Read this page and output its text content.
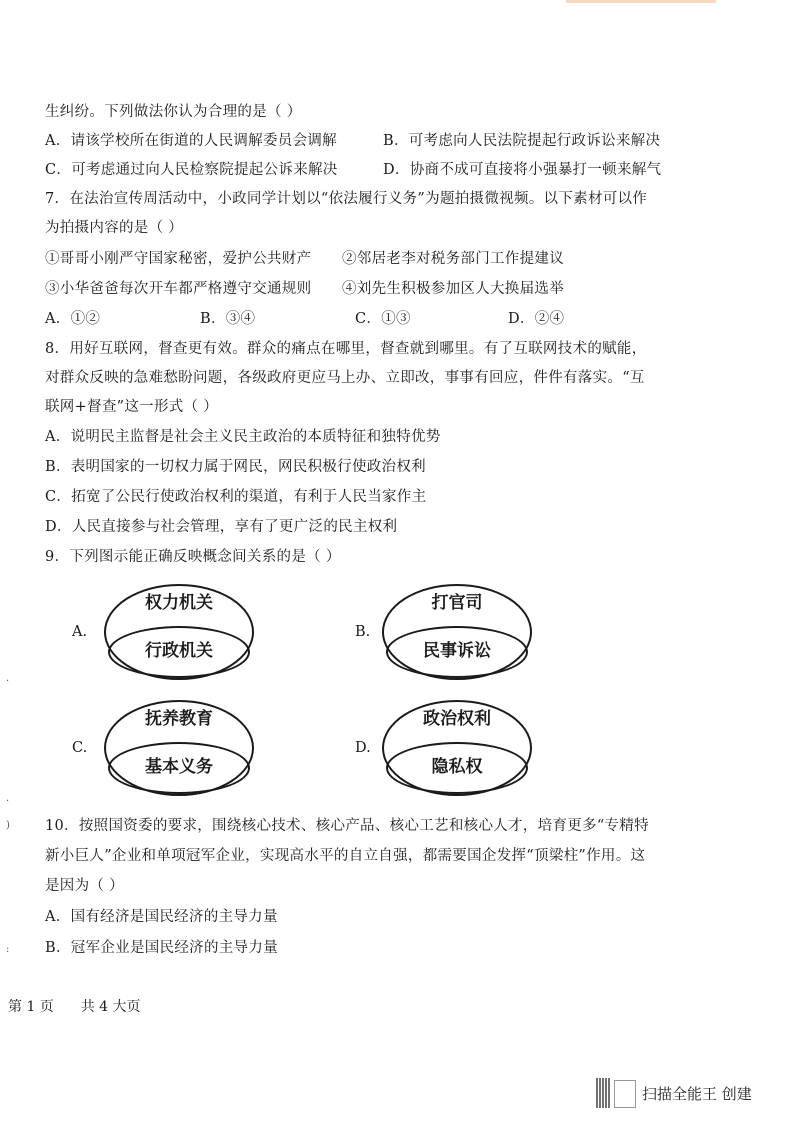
生纠纷。下列做法你认为合理的是（ ）
A．请该学校所在街道的人民调解委员会调解	B．可考虑向人民法院提起行政诉讼来解决
C．可考虑通过向人民检察院提起公诉来解决	D．协商不成可直接将小强暴打一顿来解气
7．在法治宣传周活动中，小政同学计划以“依法履行义务”为题拍摄微视频。以下素材可以作
为拍摄内容的是（ ）
①哥哥小刚严守国家秘密，爱护公共财产 ②邻居老李对税务部门工作提建议
③小华爸爸每次开车都严格遵守交通规则 ④刘先生积极参加区人大换届选举
A．①②	B．③④	C．①③	D．②④
8．用好互联网，督查更有效。群众的痛点在哪里，督查就到哪里。有了互联网技术的赋能，
对群众反映的急难愁盼问题，各级政府更应马上办、立即改，事事有回应，件件有落实。“互
联网+督查”这一形式（ ）
A．说明民主监督是社会主义民主政治的本质特征和独特优势
B．表明国家的一切权力属于网民，网民积极行使政治权利
C．拓宽了公民行使政治权利的渠道，有利于人民当家作主
D．人民直接参与社会管理，享有了更广泛的民主权利
9．下列图示能正确反映概念间关系的是（ ）
A.
权力机关
行政机关
B.
打官司
民事诉讼
C.
抚养教育
基本义务
D.
政治权利
隐私权
10．按照国资委的要求，围绕核心技术、核心产品、核心工艺和核心人才，培育更多“专精特
新小巨人”企业和单项冠军企业，实现高水平的自立自强，都需要国企发挥“顶梁柱”作用。这
是因为（ ）
A．国有经济是国民经济的主导力量
B．冠军企业是国民经济的主导力量
·
·
)
:
第 1 页 共 4 大页
扫描全能王 创建
